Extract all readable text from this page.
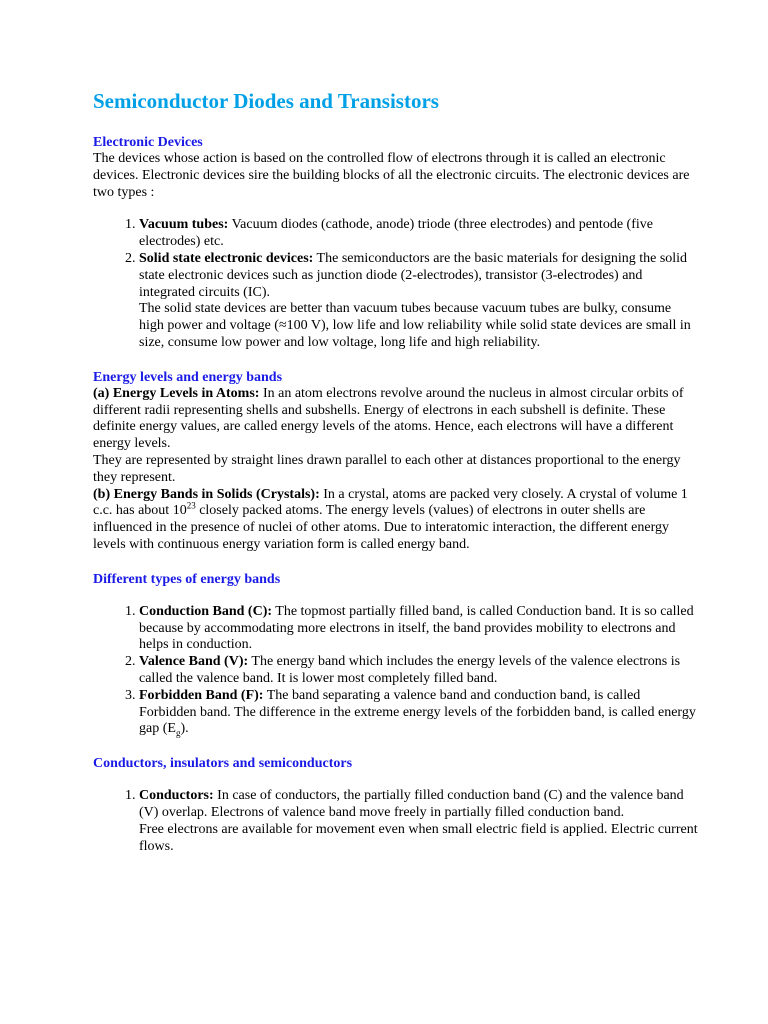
Semiconductor Diodes and Transistors
Electronic Devices

The devices whose action is based on the controlled flow of electrons through it is called an electronic devices. Electronic devices sire the building blocks of all the electronic circuits. The electronic devices are two types :

1. Vacuum tubes: Vacuum diodes (cathode, anode) triode (three electrodes) and pentode (five electrodes) etc.
2. Solid state electronic devices: The semiconductors are the basic materials for designing the solid state electronic devices such as junction diode (2-electrodes), transistor (3-electrodes) and integrated circuits (IC).
The solid state devices are better than vacuum tubes because vacuum tubes are bulky, consume high power and voltage (≈100 V), low life and low reliability while solid state devices are small in size, consume low power and low voltage, long life and high reliability.
Energy levels and energy bands

(a) Energy Levels in Atoms: In an atom electrons revolve around the nucleus in almost circular orbits of different radii representing shells and subshells. Energy of electrons in each subshell is definite. These definite energy values, are called energy levels of the atoms. Hence, each electrons will have a different energy levels.

They are represented by straight lines drawn parallel to each other at distances proportional to the energy they represent.

(b) Energy Bands in Solids (Crystals): In a crystal, atoms are packed very closely. A crystal of volume 1 c.c. has about $10^{23}$ closely packed atoms. The energy levels (values) of electrons in outer shells are influenced in the presence of nuclei of other atoms. Due to interatomic interaction, the different energy levels with continuous energy variation form is called energy band.

Different types of energy bands
1. Conduction Band (C): The topmost partially filled band, is called Conduction band. It is so called because by accommodating more electrons in itself, the band provides mobility to electrons and helps in conduction.
2. Valence Band (V): The energy band which includes the energy levels of the valence electrons is called the valence band. It is lower most completely filled band.
3. Forbidden Band (F): The band separating a valence band and conduction band, is called Forbidden band. The difference in the extreme energy levels of the forbidden band, is called energy gap $(E_g)$.
Conductors, insulators and semiconductors
1. Conductors: In case of conductors, the partially filled conduction band (C) and the valence band (V) overlap. Electrons of valence band move freely in partially filled conduction band.
Free electrons are available for movement even when small electric field is applied. Electric current flows.
